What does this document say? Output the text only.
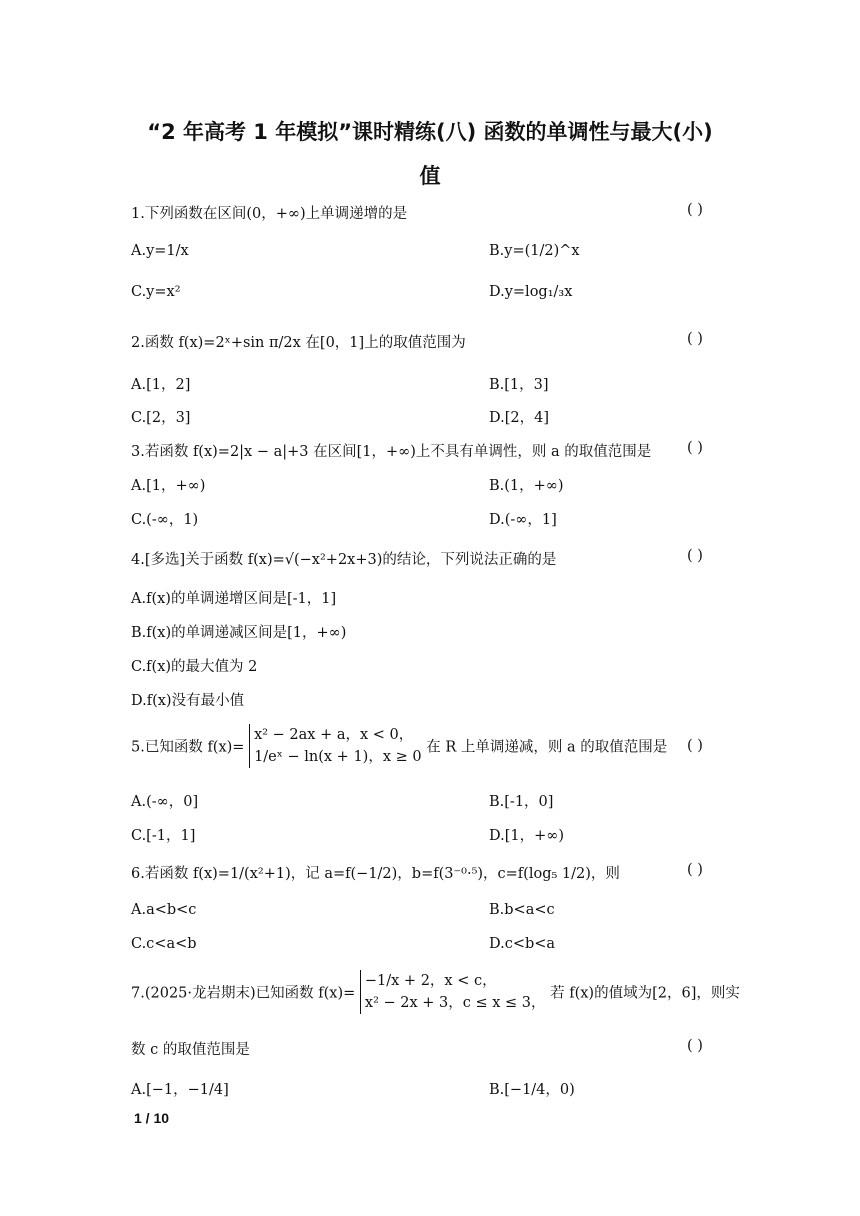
“2 年高考 1 年模拟”课时精练(八) 函数的单调性与最大(小)
值
1.下列函数在区间(0，+∞)上单调递增的是	( )
A.y=1/x	B.y=(1/2)^x
C.y=x²	D.y=log₁/₃x
2.函数 f(x)=2ˣ+sin π/2x 在[0，1]上的取值范围为	( )
A.[1，2]	B.[1，3]
C.[2，3]	D.[2，4]
3.若函数 f(x)=2|x − a|+3 在区间[1，+∞)上不具有单调性，则 a 的取值范围是 ( )
A.[1，+∞)	B.(1，+∞)
C.(-∞，1)	D.(-∞，1]
4.[多选]关于函数 f(x)=√(−x²+2x+3)的结论，下列说法正确的是	( )
A.f(x)的单调递增区间是[-1，1]
B.f(x)的单调递减区间是[1，+∞)
C.f(x)的最大值为 2
D.f(x)没有最小值
5.已知函数 f(x)=
x² − 2ax + a，x < 0，
1/eˣ − ln(x + 1)，x ≥ 0
在 R 上单调递减，则 a 的取值范围是 ( )
A.(-∞，0]	B.[-1，0]
C.[-1，1]	D.[1，+∞)
6.若函数 f(x)=1/(x²+1)，记 a=f(−1/2)，b=f(3⁻⁰·⁵)，c=f(log₅ 1/2)，则	( )
A.a<b<c	B.b<a<c
C.c<a<b	D.c<b<a
7.(2025·龙岩期末)已知函数 f(x)=
−1/x + 2，x < c，
x² − 2x + 3，c ≤ x ≤ 3，
若 f(x)的值域为[2，6]，则实
数 c 的取值范围是	( )
A.[−1，−1/4]	B.[−1/4，0)
1 / 10
